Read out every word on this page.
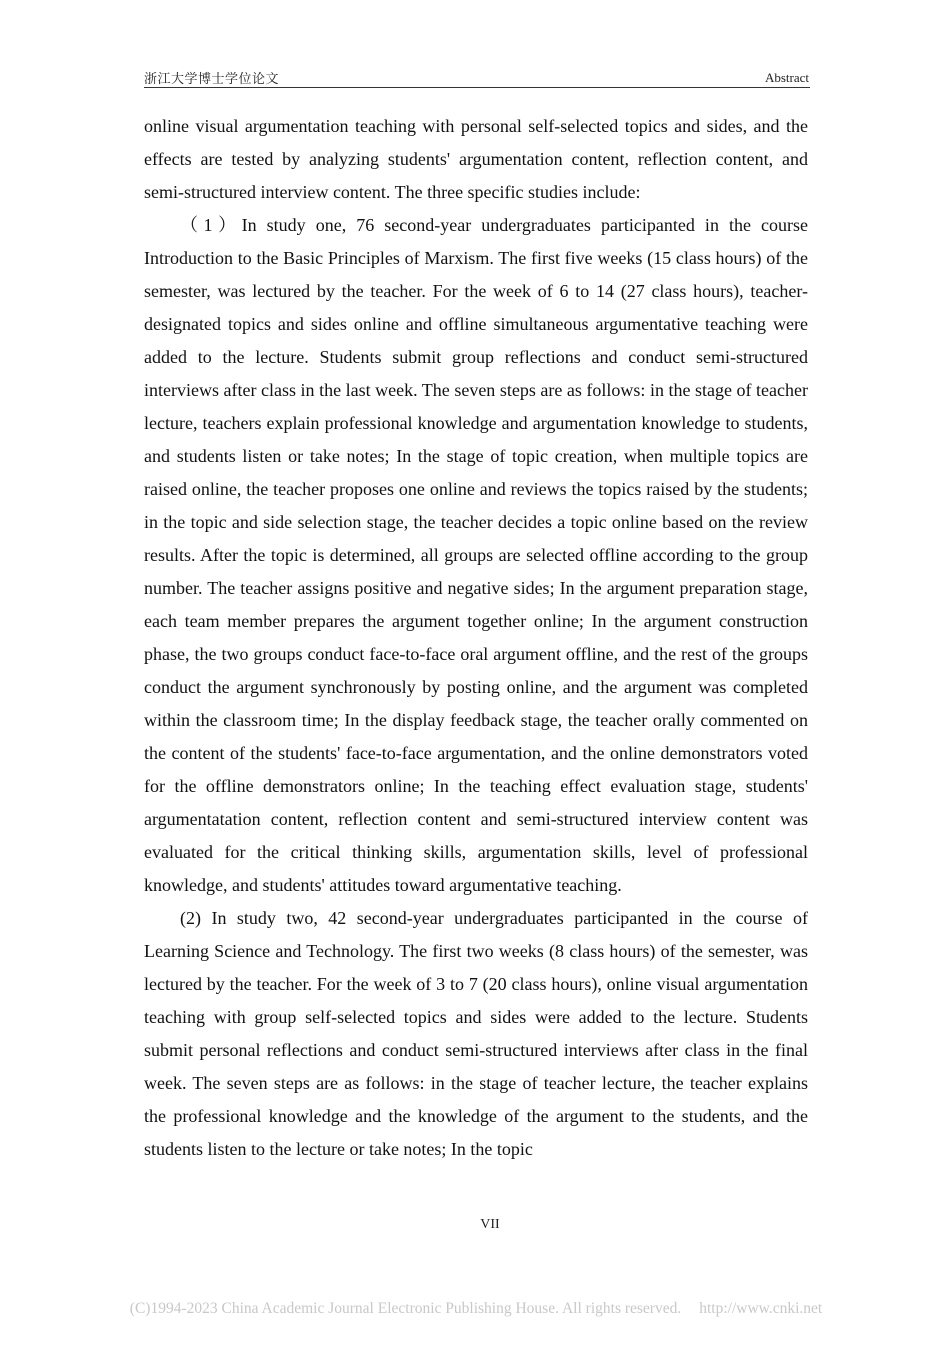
浙江大学博士学位论文	Abstract

online visual argumentation teaching with personal self-selected topics and sides, and the effects are tested by analyzing students' argumentation content, reflection content, and semi-structured interview content. The three specific studies include:

（1）In study one, 76 second-year undergraduates participanted in the course Introduction to the Basic Principles of Marxism. The first five weeks (15 class hours) of the semester, was lectured by the teacher. For the week of 6 to 14 (27 class hours), teacher-designated topics and sides online and offline simultaneous argumentative teaching were added to the lecture. Students submit group reflections and conduct semi-structured interviews after class in the last week. The seven steps are as follows: in the stage of teacher lecture, teachers explain professional knowledge and argumentation knowledge to students, and students listen or take notes; In the stage of topic creation, when multiple topics are raised online, the teacher proposes one online and reviews the topics raised by the students; in the topic and side selection stage, the teacher decides a topic online based on the review results. After the topic is determined, all groups are selected offline according to the group number. The teacher assigns positive and negative sides; In the argument preparation stage, each team member prepares the argument together online; In the argument construction phase, the two groups conduct face-to-face oral argument offline, and the rest of the groups conduct the argument synchronously by posting online, and the argument was completed within the classroom time; In the display feedback stage, the teacher orally commented on the content of the students' face-to-face argumentation, and the online demonstrators voted for the offline demonstrators online; In the teaching effect evaluation stage, students' argumentatation content, reflection content and semi-structured interview content was evaluated for the critical thinking skills, argumentation skills, level of professional knowledge, and students' attitudes toward argumentative teaching.

(2) In study two, 42 second-year undergraduates participanted in the course of Learning Science and Technology. The first two weeks (8 class hours) of the semester, was lectured by the teacher. For the week of 3 to 7 (20 class hours), online visual argumentation teaching with group self-selected topics and sides were added to the lecture. Students submit personal reflections and conduct semi-structured interviews after class in the final week. The seven steps are as follows: in the stage of teacher lecture, the teacher explains the professional knowledge and the knowledge of the argument to the students, and the students listen to the lecture or take notes; In the topic

VII
(C)1994-2023 China Academic Journal Electronic Publishing House. All rights reserved. http://www.cnki.net
